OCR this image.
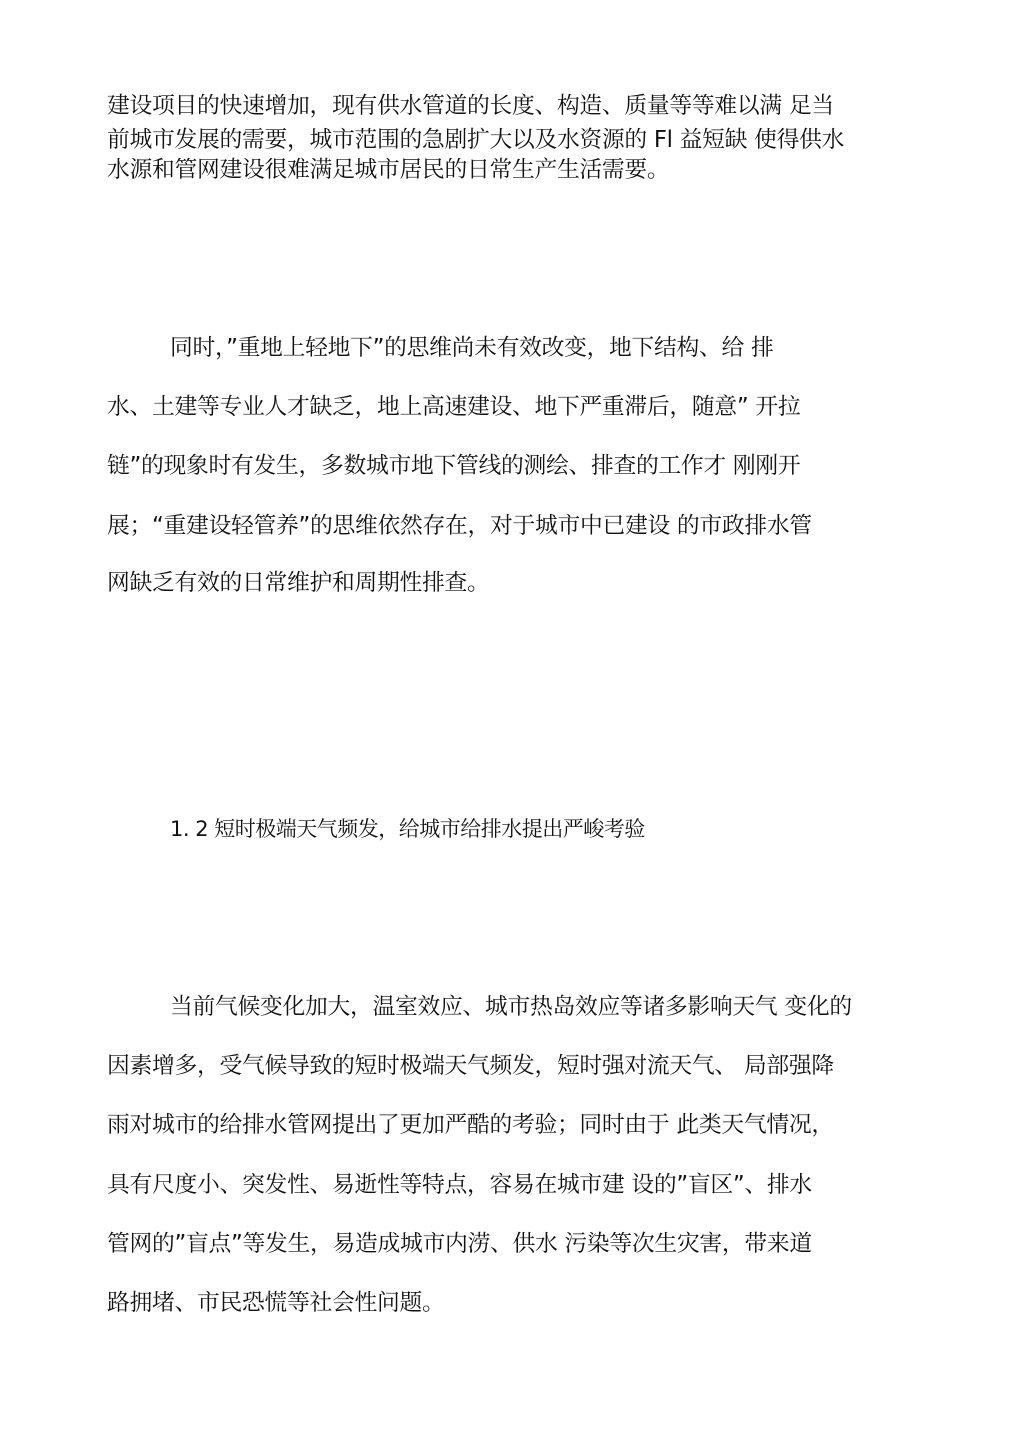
建设项目的快速增加，现有供水管道的长度、构造、质量等等难以满 足当
前城市发展的需要，城市范围的急剧扩大以及水资源的 Fl 益短缺 使得供水
水源和管网建设很难满足城市居民的日常生产生活需要。
同时，”重地上轻地下”的思维尚未有效改变，地下结构、给 排
水、土建等专业人才缺乏，地上高速建设、地下严重滞后，随意” 开拉
链”的现象时有发生，多数城市地下管线的测绘、排查的工作才 刚刚开
展；“重建设轻管养”的思维依然存在，对于城市中已建设 的市政排水管
网缺乏有效的日常维护和周期性排查。
1. 2 短时极端天气频发，给城市给排水提出严峻考验
当前气候变化加大，温室效应、城市热岛效应等诸多影响天气 变化的
因素增多，受气候导致的短时极端天气频发，短时强对流天气、 局部强降
雨对城市的给排水管网提出了更加严酷的考验；同时由于 此类天气情况，
具有尺度小、突发性、易逝性等特点，容易在城市建 设的”盲区”、排水
管网的”盲点”等发生，易造成城市内涝、供水 污染等次生灾害，带来道
路拥堵、市民恐慌等社会性问题。
